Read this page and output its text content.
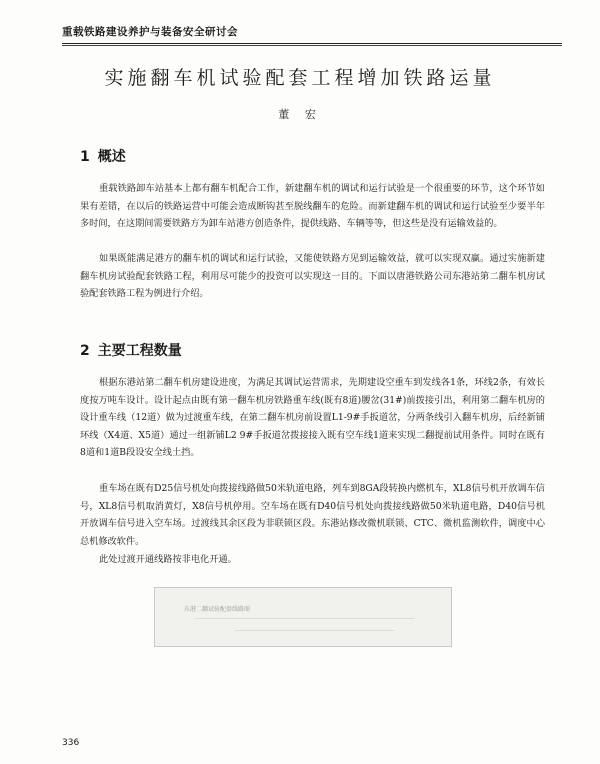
重载铁路建设养护与装备安全研讨会
实施翻车机试验配套工程增加铁路运量
董 宏
1 概述

重载铁路卸车站基本上都有翻车机配合工作，新建翻车机的调试和运行试验是一个很重要的环节，这个环节如果有差错，在以后的铁路运营中可能会造成断钩甚至脱线翻车的危险。而新建翻车机的调试和运行试验至少要半年多时间，在这期间需要铁路方为卸车站港方创造条件，提供线路、车辆等等，但这些是没有运输效益的。

如果既能满足港方的翻车机的调试和运行试验，又能使铁路方见到运输效益，就可以实现双赢。通过实施新建翻车机房试验配套铁路工程，利用尽可能少的投资可以实现这一目的。下面以唐港铁路公司东港站第二翻车机房试验配套铁路工程为例进行介绍。

2 主要工程数量

根据东港站第二翻车机房建设进度，为满足其调试运营需求，先期建设空重车到发线各1条，环线2条，有效长度按万吨车设计。设计起点由既有第一翻车机房铁路重车线(既有8道)腰岔(31#)前拨接引出，利用第二翻车机房的设计重车线（12道）做为过渡重车线，在第二翻车机房前设置L1-9#手扳道岔，分两条线引入翻车机房，后经新铺环线（X4道、X5道）通过一组新铺L2 9#手扳道岔拨接接入既有空车线1道来实现二翻提前试用条件。同时在既有8道和1道B段设安全线土挡。

重车场在既有D25信号机处向拨接线路做50米轨道电路，列车到8GA段转换内燃机车，XL8信号机开放调车信号，XL8信号机取消黄灯，X8信号机停用。空车场在既有D40信号机处向拨接线路做50米轨道电路，D40信号机开放调车信号进入空车场。过渡线其余区段为非联锁区段。东港站修改微机联锁、CTC、微机监测软件，调度中心总机修改软件。

此处过渡开通线路按非电化开通。

东港二翻试验配套线路图
336
